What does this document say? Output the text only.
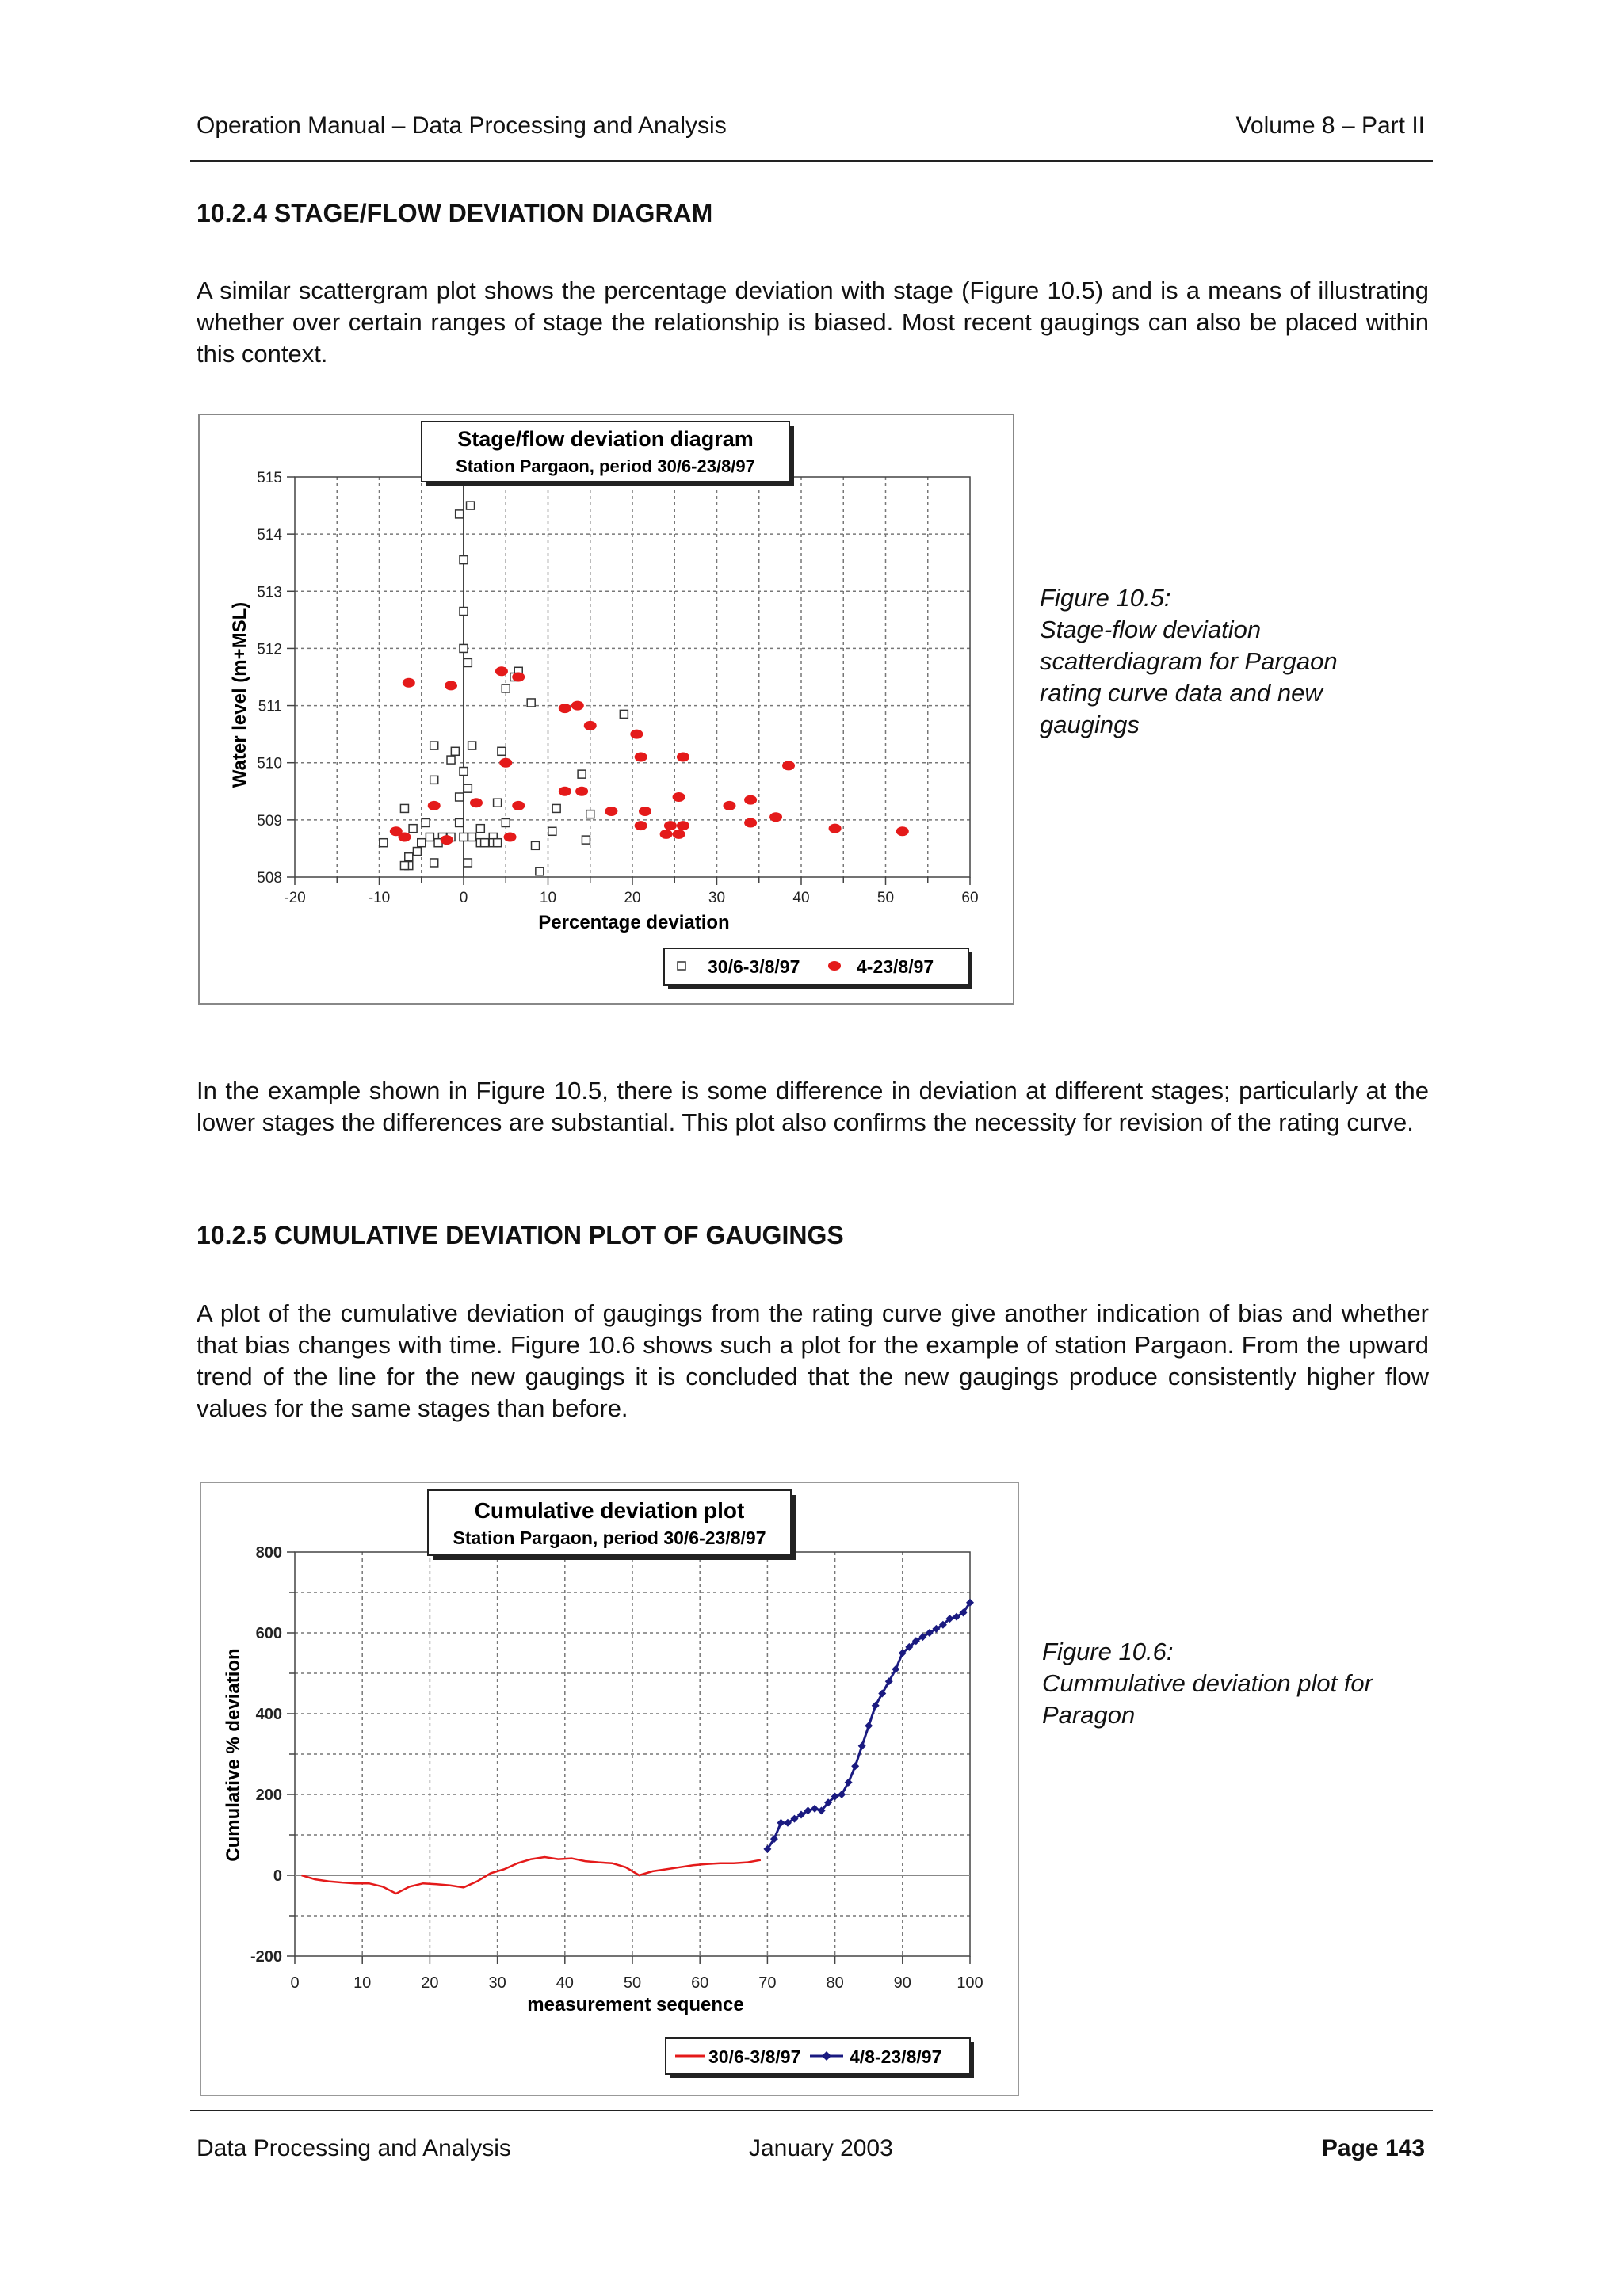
Operation Manual – Data Processing and Analysis	Volume 8 – Part II
10.2.4 STAGE/FLOW DEVIATION DIAGRAM
A similar scattergram plot shows the percentage deviation with stage (Figure 10.5) and is a means of illustrating whether over certain ranges of stage the relationship is biased. Most recent gaugings can also be placed within this context.
-20	-10	0	10	20	30	40	50	60
508
509
510
511
512
513
514
515
Stage/flow deviation diagram
Station Pargaon, period 30/6-23/8/97
Percentage deviation
Water level (m+MSL)
30/6-3/8/97	4-23/8/97
Figure 10.5:
Stage-flow deviation
scatterdiagram for Pargaon
rating curve data and new
gaugings
In the example shown in Figure 10.5, there is some difference in deviation at different stages; particularly at the lower stages the differences are substantial. This plot also confirms the necessity for revision of the rating curve.
10.2.5 CUMULATIVE DEVIATION PLOT OF GAUGINGS
A plot of the cumulative deviation of gaugings from the rating curve give another indication of bias and whether that bias changes with time. Figure 10.6 shows such a plot for the example of station Pargaon. From the upward trend of the line for the new gaugings it is concluded that the new gaugings produce consistently higher flow values for the same stages than before.
0	10	20	30	40	50	60	70	80	90	100
-200
0
200
400
600
800
Cumulative deviation plot
Station Pargaon, period 30/6-23/8/97
measurement sequence
Cumulative % deviation
30/6-3/8/97	4/8-23/8/97
Figure 10.6:
Cummulative deviation plot for
Paragon
Data Processing and Analysis	January 2003	Page 143
